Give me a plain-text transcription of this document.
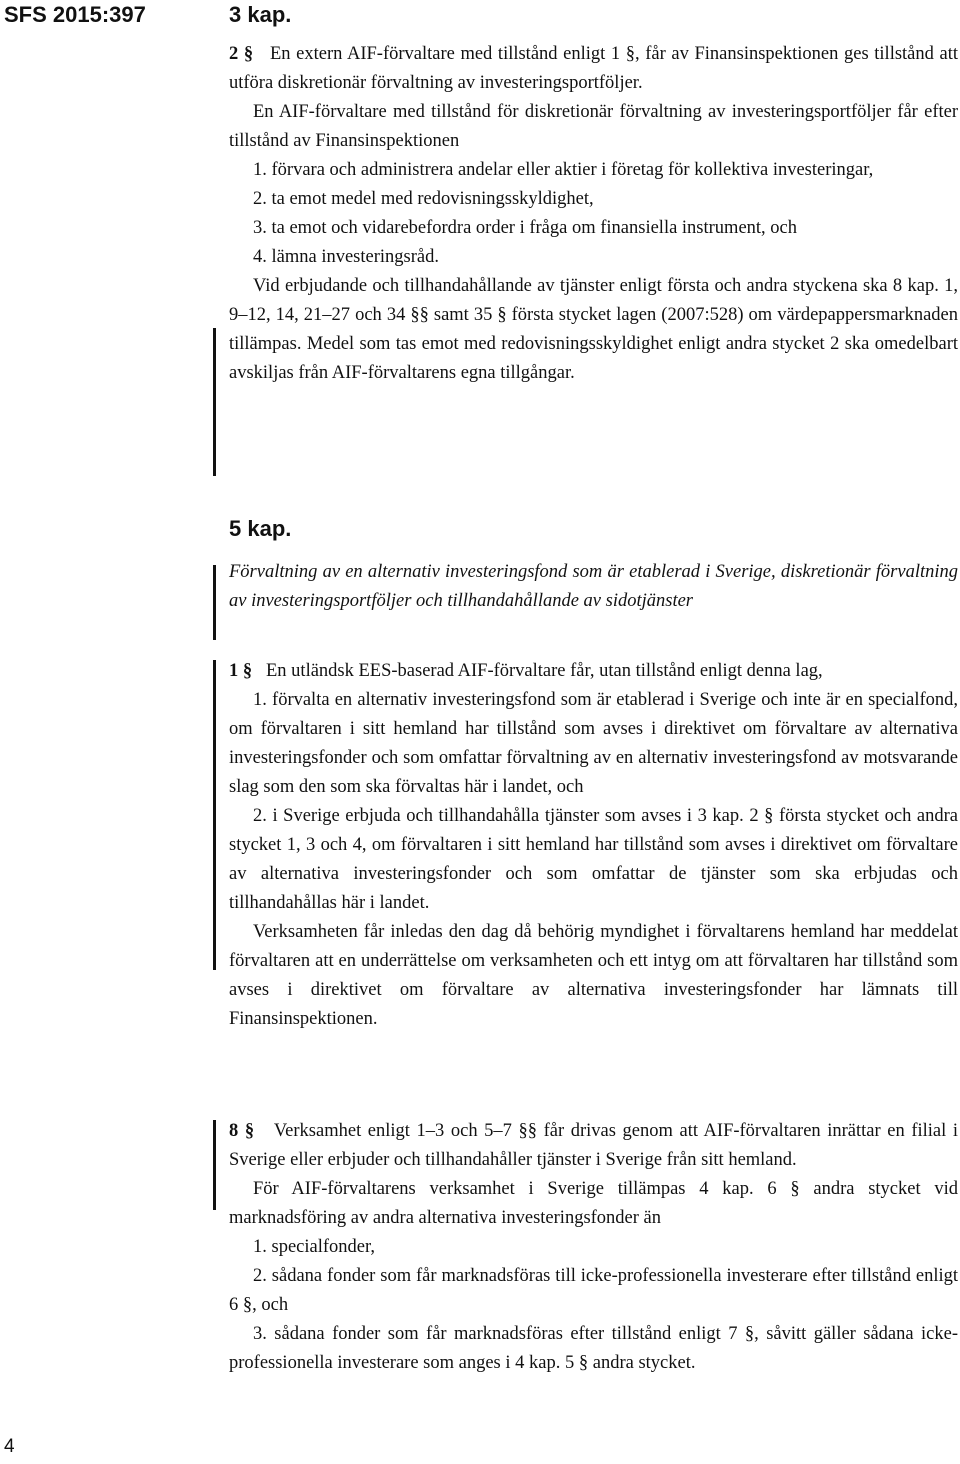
SFS 2015:397
4
3 kap.

2 § En extern AIF-förvaltare med tillstånd enligt 1 §, får av Finansinspektionen ges tillstånd att utföra diskretionär förvaltning av investeringsportföljer.

En AIF-förvaltare med tillstånd för diskretionär förvaltning av investeringsportföljer får efter tillstånd av Finansinspektionen

1. förvara och administrera andelar eller aktier i företag för kollektiva investeringar,

2. ta emot medel med redovisningsskyldighet,

3. ta emot och vidarebefordra order i fråga om finansiella instrument, och

4. lämna investeringsråd.

Vid erbjudande och tillhandahållande av tjänster enligt första och andra styckena ska 8 kap. 1, 9–12, 14, 21–27 och 34 §§ samt 35 § första stycket lagen (2007:528) om värdepappersmarknaden tillämpas. Medel som tas emot med redovisningsskyldighet enligt andra stycket 2 ska omedelbart avskiljas från AIF-förvaltarens egna tillgångar.

5 kap.

Förvaltning av en alternativ investeringsfond som är etablerad i Sverige, diskretionär förvaltning av investeringsportföljer och tillhandahållande av sidotjänster

1 § En utländsk EES-baserad AIF-förvaltare får, utan tillstånd enligt denna lag,

1. förvalta en alternativ investeringsfond som är etablerad i Sverige och inte är en specialfond, om förvaltaren i sitt hemland har tillstånd som avses i direktivet om förvaltare av alternativa investeringsfonder och som omfattar förvaltning av en alternativ investeringsfond av motsvarande slag som den som ska förvaltas här i landet, och

2. i Sverige erbjuda och tillhandahålla tjänster som avses i 3 kap. 2 § första stycket och andra stycket 1, 3 och 4, om förvaltaren i sitt hemland har tillstånd som avses i direktivet om förvaltare av alternativa investeringsfonder och som omfattar de tjänster som ska erbjudas och tillhandahållas här i landet.

Verksamheten får inledas den dag då behörig myndighet i förvaltarens hemland har meddelat förvaltaren att en underrättelse om verksamheten och ett intyg om att förvaltaren har tillstånd som avses i direktivet om förvaltare av alternativa investeringsfonder har lämnats till Finansinspektionen.

8 § Verksamhet enligt 1–3 och 5–7 §§ får drivas genom att AIF-förvaltaren inrättar en filial i Sverige eller erbjuder och tillhandahåller tjänster i Sverige från sitt hemland.

För AIF-förvaltarens verksamhet i Sverige tillämpas 4 kap. 6 § andra stycket vid marknadsföring av andra alternativa investeringsfonder än

1. specialfonder,

2. sådana fonder som får marknadsföras till icke-professionella investerare efter tillstånd enligt 6 §, och

3. sådana fonder som får marknadsföras efter tillstånd enligt 7 §, såvitt gäller sådana icke-professionella investerare som anges i 4 kap. 5 § andra stycket.
